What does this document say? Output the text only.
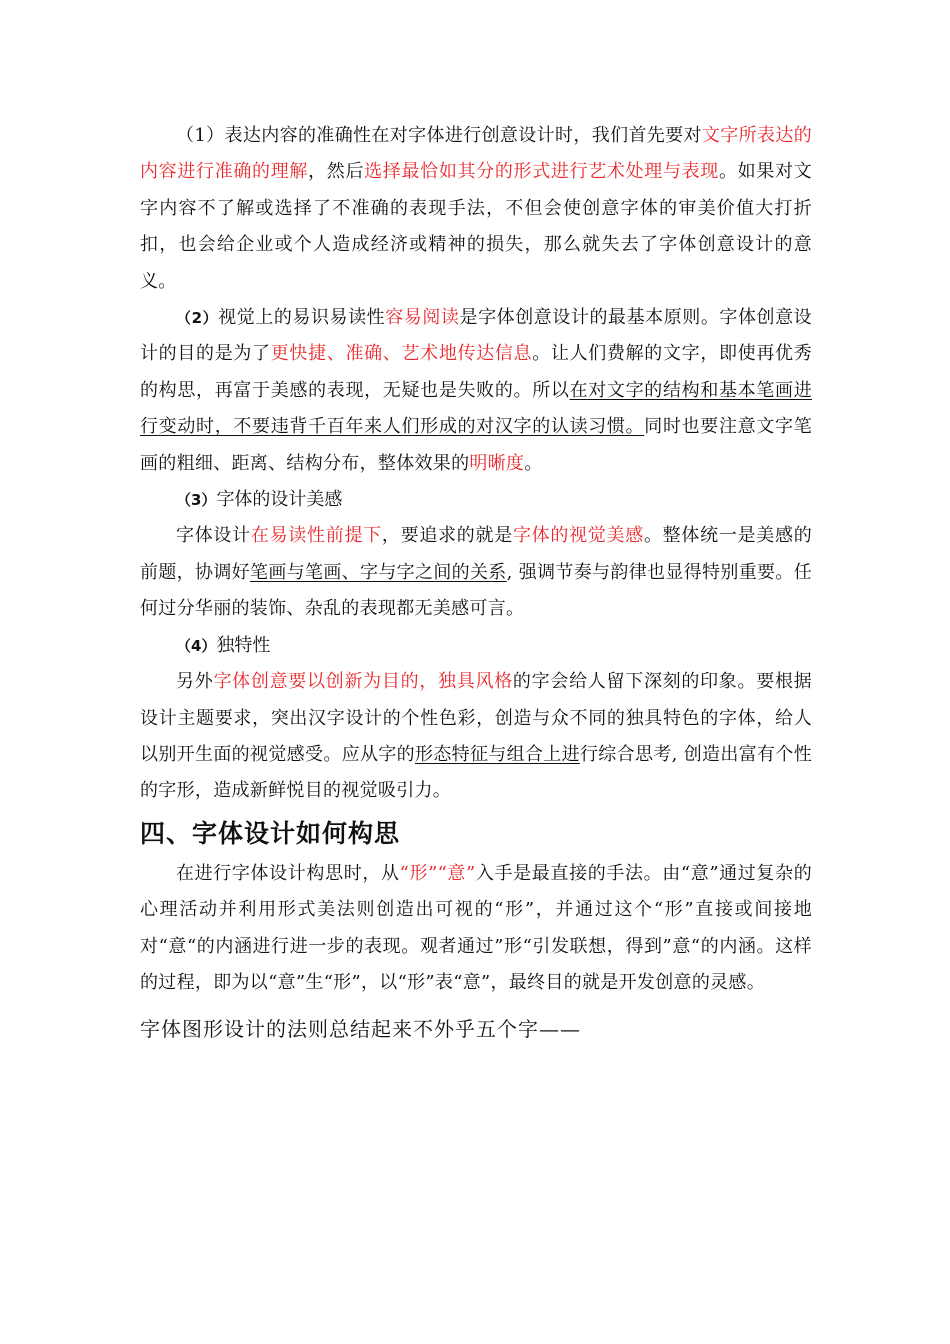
（1）表达内容的准确性在对字体进行创意设计时，我们首先要对文字所表达的内容进行准确的理解，然后选择最恰如其分的形式进行艺术处理与表现。如果对文字内容不了解或选择了不准确的表现手法，不但会使创意字体的审美价值大打折扣，也会给企业或个人造成经济或精神的损失，那么就失去了字体创意设计的意义。

（2）视觉上的易识易读性容易阅读是字体创意设计的最基本原则。字体创意设计的目的是为了更快捷、准确、艺术地传达信息。让人们费解的文字，即使再优秀的构思，再富于美感的表现，无疑也是失败的。所以在对文字的结构和基本笔画进行变动时，不要违背千百年来人们形成的对汉字的认读习惯。同时也要注意文字笔画的粗细、距离、结构分布，整体效果的明晰度。

（3）字体的设计美感

字体设计在易读性前提下，要追求的就是字体的视觉美感。整体统一是美感的前题，协调好笔画与笔画、字与字之间的关系, 强调节奏与韵律也显得特别重要。任何过分华丽的装饰、杂乱的表现都无美感可言。

（4）独特性

另外字体创意要以创新为目的，独具风格的字会给人留下深刻的印象。要根据设计主题要求，突出汉字设计的个性色彩，创造与众不同的独具特色的字体，给人以别开生面的视觉感受。应从字的形态特征与组合上进行综合思考, 创造出富有个性的字形，造成新鲜悦目的视觉吸引力。

四、字体设计如何构思

在进行字体设计构思时，从“形”“意”入手是最直接的手法。由“意”通过复杂的心理活动并利用形式美法则创造出可视的“形”，并通过这个“形”直接或间接地对“意“的内涵进行进一步的表现。观者通过”形“引发联想，得到”意“的内涵。这样的过程，即为以“意”生“形”，以“形”表“意”，最终目的就是开发创意的灵感。

字体图形设计的法则总结起来不外乎五个字——
